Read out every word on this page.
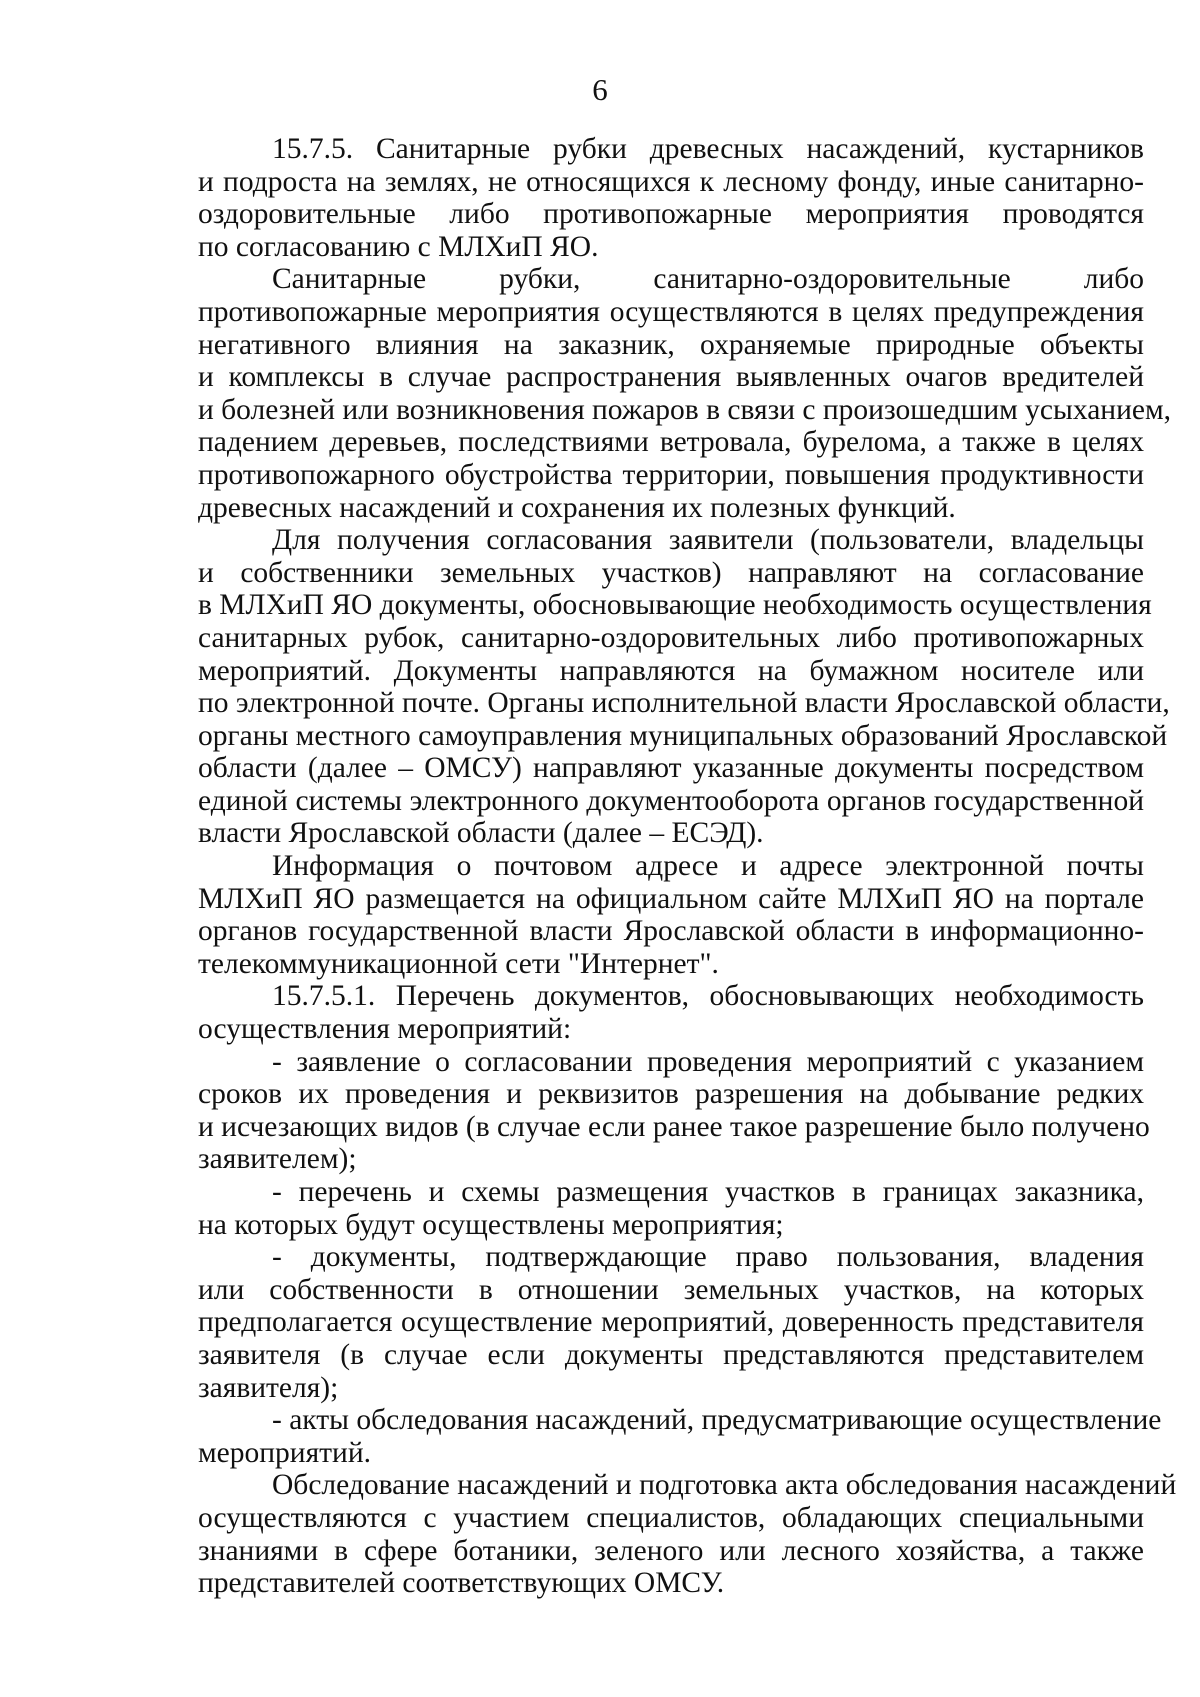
6
15.7.5. Санитарные рубки древесных насаждений, кустарников
и подроста на землях, не относящихся к лесному фонду, иные санитарно-
оздоровительные либо противопожарные мероприятия проводятся
по согласованию с МЛХиП ЯО.
Санитарные рубки, санитарно-оздоровительные либо
противопожарные мероприятия осуществляются в целях предупреждения
негативного влияния на заказник, охраняемые природные объекты
и комплексы в случае распространения выявленных очагов вредителей
и болезней или возникновения пожаров в связи с произошедшим усыханием,
падением деревьев, последствиями ветровала, бурелома, а также в целях
противопожарного обустройства территории, повышения продуктивности
древесных насаждений и сохранения их полезных функций.
Для получения согласования заявители (пользователи, владельцы
и собственники земельных участков) направляют на согласование
в МЛХиП ЯО документы, обосновывающие необходимость осуществления
санитарных рубок, санитарно-оздоровительных либо противопожарных
мероприятий. Документы направляются на бумажном носителе или
по электронной почте. Органы исполнительной власти Ярославской области,
органы местного самоуправления муниципальных образований Ярославской
области (далее – ОМСУ) направляют указанные документы посредством
единой системы электронного документооборота органов государственной
власти Ярославской области (далее – ЕСЭД).
Информация о почтовом адресе и адресе электронной почты
МЛХиП ЯО размещается на официальном сайте МЛХиП ЯО на портале
органов государственной власти Ярославской области в информационно-
телекоммуникационной сети "Интернет".
15.7.5.1. Перечень документов, обосновывающих необходимость
осуществления мероприятий:
- заявление о согласовании проведения мероприятий с указанием
сроков их проведения и реквизитов разрешения на добывание редких
и исчезающих видов (в случае если ранее такое разрешение было получено
заявителем);
- перечень и схемы размещения участков в границах заказника,
на которых будут осуществлены мероприятия;
- документы, подтверждающие право пользования, владения
или собственности в отношении земельных участков, на которых
предполагается осуществление мероприятий, доверенность представителя
заявителя (в случае если документы представляются представителем
заявителя);
- акты обследования насаждений, предусматривающие осуществление
мероприятий.
Обследование насаждений и подготовка акта обследования насаждений
осуществляются с участием специалистов, обладающих специальными
знаниями в сфере ботаники, зеленого или лесного хозяйства, а также
представителей соответствующих ОМСУ.
